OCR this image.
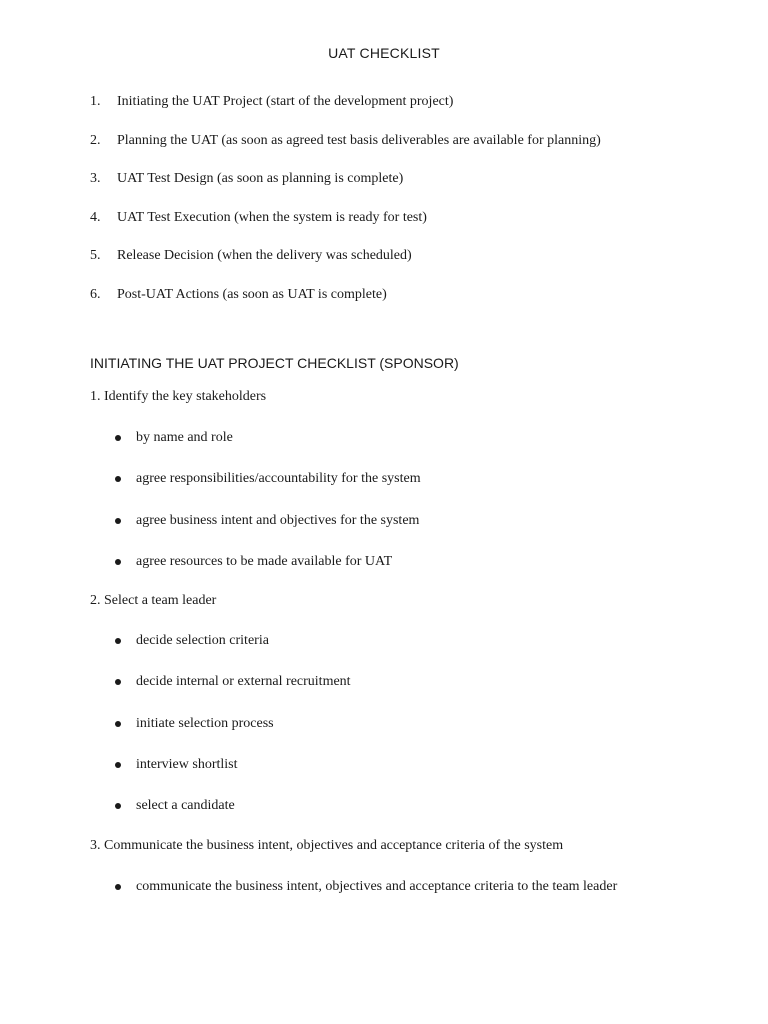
UAT CHECKLIST
1. Initiating the UAT Project (start of the development project)
2. Planning the UAT (as soon as agreed test basis deliverables are available for planning)
3. UAT Test Design (as soon as planning is complete)
4. UAT Test Execution (when the system is ready for test)
5. Release Decision (when the delivery was scheduled)
6. Post-UAT Actions (as soon as UAT is complete)
INITIATING THE UAT PROJECT CHECKLIST (SPONSOR)
1. Identify the key stakeholders
by name and role
agree responsibilities/accountability for the system
agree business intent and objectives for the system
agree resources to be made available for UAT
2. Select a team leader
decide selection criteria
decide internal or external recruitment
initiate selection process
interview shortlist
select a candidate
3. Communicate the business intent, objectives and acceptance criteria of the system
communicate the business intent, objectives and acceptance criteria to the team leader
